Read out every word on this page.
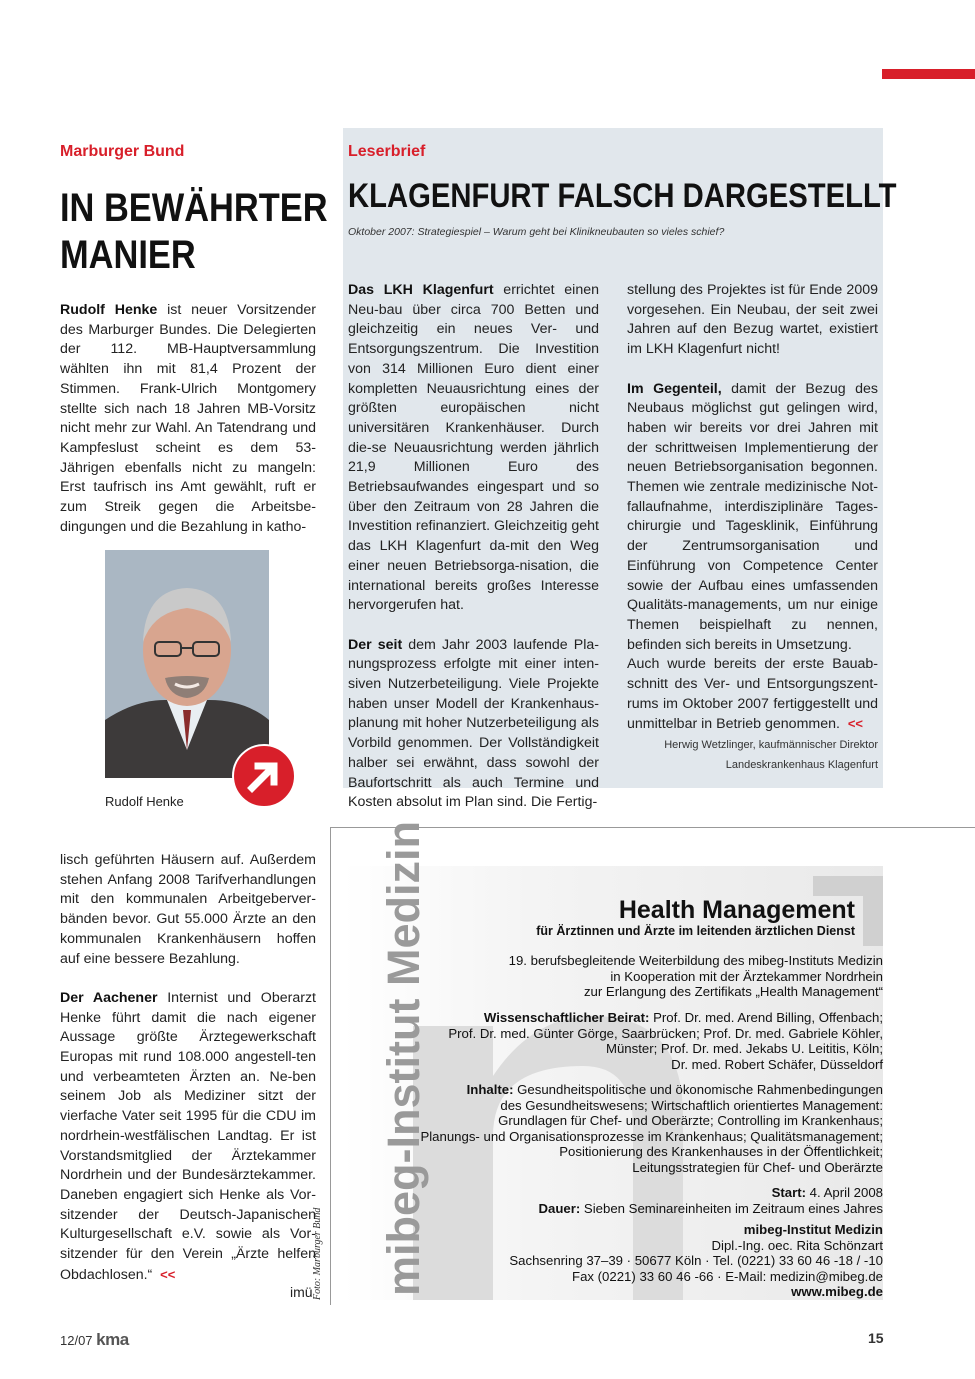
Marburger Bund
IN BEWÄHRTER
MANIER
Rudolf Henke ist neuer Vorsitzender des Marburger Bundes. Die Delegierten der 112. MB-Hauptversammlung wählten ihn mit 81,4 Prozent der Stimmen. Frank-Ulrich Montgomery stellte sich nach 18 Jahren MB-Vorsitz nicht mehr zur Wahl. An Tatendrang und Kampfeslust scheint es dem 53-Jährigen ebenfalls nicht zu mangeln: Erst taufrisch ins Amt gewählt, ruft er zum Streik gegen die Arbeitsbe-dingungen und die Bezahlung in katho-
Rudolf Henke
lisch geführten Häusern auf. Außerdem stehen Anfang 2008 Tarifverhandlungen mit den kommunalen Arbeitgeberver-bänden bevor. Gut 55.000 Ärzte an den kommunalen Krankenhäusern hoffen auf eine bessere Bezahlung.
Der Aachener Internist und Oberarzt Henke führt damit die nach eigener Aussage größte Ärztegewerkschaft Europas mit rund 108.000 angestell-ten und verbeamteten Ärzten an. Ne-ben seinem Job als Mediziner sitzt der vierfache Vater seit 1995 für die CDU im nordrhein-westfälischen Landtag. Er ist Vorstandsmitglied der Ärztekammer Nordrhein und der Bundesärztekammer. Daneben engagiert sich Henke als Vor-sitzender der Deutsch-Japanischen Kulturgesellschaft e.V. sowie als Vor-sitzender für den Verein „Ärzte helfen Obdachlosen.“ <<
imü Foto: Marburger Bund
Leserbrief
KLAGENFURT FALSCH DARGESTELLT
Oktober 2007: Strategiespiel – Warum geht bei Klinikneubauten so vieles schief?
Das LKH Klagenfurt errichtet einen Neu-bau über circa 700 Betten und gleichzeitig ein neues Ver- und Entsorgungszentrum. Die Investition von 314 Millionen Euro dient einer kompletten Neuausrichtung eines der größten europäischen nicht universitären Krankenhäuser. Durch die-se Neuausrichtung werden jährlich 21,9 Millionen Euro des Betriebsaufwandes eingespart und so über den Zeitraum von 28 Jahren die Investition refinanziert. Gleichzeitig geht das LKH Klagenfurt da-mit den Weg einer neuen Betriebsorga-nisation, die international bereits großes Interesse hervorgerufen hat.
Der seit dem Jahr 2003 laufende Pla-nungsprozess erfolgte mit einer inten-siven Nutzerbeteiligung. Viele Projekte haben unser Modell der Krankenhaus-planung mit hoher Nutzerbeteiligung als Vorbild genommen. Der Vollständigkeit halber sei erwähnt, dass sowohl der Baufortschritt als auch Termine und Kosten absolut im Plan sind. Die Fertig-
stellung des Projektes ist für Ende 2009 vorgesehen. Ein Neubau, der seit zwei Jahren auf den Bezug wartet, existiert im LKH Klagenfurt nicht!
Im Gegenteil, damit der Bezug des Neubaus möglichst gut gelingen wird, haben wir bereits vor drei Jahren mit der schrittweisen Implementierung der neuen Betriebsorganisation begonnen. Themen wie zentrale medizinische Not-fallaufnahme, interdisziplinäre Tages-chirurgie und Tagesklinik, Einführung der Zentrumsorganisation und Einführung von Competence Center sowie der Aufbau eines umfassenden Qualitäts-managements, um nur einige Themen beispielhaft zu nennen, befinden sich bereits in Umsetzung.
Auch wurde bereits der erste Bauab-schnitt des Ver- und Entsorgungszent-rums im Oktober 2007 fertiggestellt und unmittelbar in Betrieb genommen. <<
Herwig Wetzlinger, kaufmännischer Direktor
Landeskrankenhaus Klagenfurt
mibeg-Institut Medizin	Health Management
für Ärztinnen und Ärzte im leitenden ärztlichen Dienst
19. berufsbegleitende Weiterbildung des mibeg-Instituts Medizin
in Kooperation mit der Ärztekammer Nordrhein
zur Erlangung des Zertifikats „Health Management“
Wissenschaftlicher Beirat: Prof. Dr. med. Arend Billing, Offenbach;
Prof. Dr. med. Günter Görge, Saarbrücken; Prof. Dr. med. Gabriele Köhler,
Münster; Prof. Dr. med. Jekabs U. Leititis, Köln;
Dr. med. Robert Schäfer, Düsseldorf
Inhalte: Gesundheitspolitische und ökonomische Rahmenbedingungen
des Gesundheitswesens; Wirtschaftlich orientiertes Management:
Grundlagen für Chef- und Oberärzte; Controlling im Krankenhaus;
Planungs- und Organisationsprozesse im Krankenhaus; Qualitätsmanagement;
Positionierung des Krankenhauses in der Öffentlichkeit;
Leitungsstrategien für Chef- und Oberärzte
Start: 4. April 2008
Dauer: Sieben Seminareinheiten im Zeitraum eines Jahres
mibeg-Institut Medizin
Dipl.-Ing. oec. Rita Schönzart
Sachsenring 37–39 · 50677 Köln · Tel. (0221) 33 60 46 -18 / -10
Fax (0221) 33 60 46 -66 · E-Mail: medizin@mibeg.de
www.mibeg.de
12/07 kma	15
